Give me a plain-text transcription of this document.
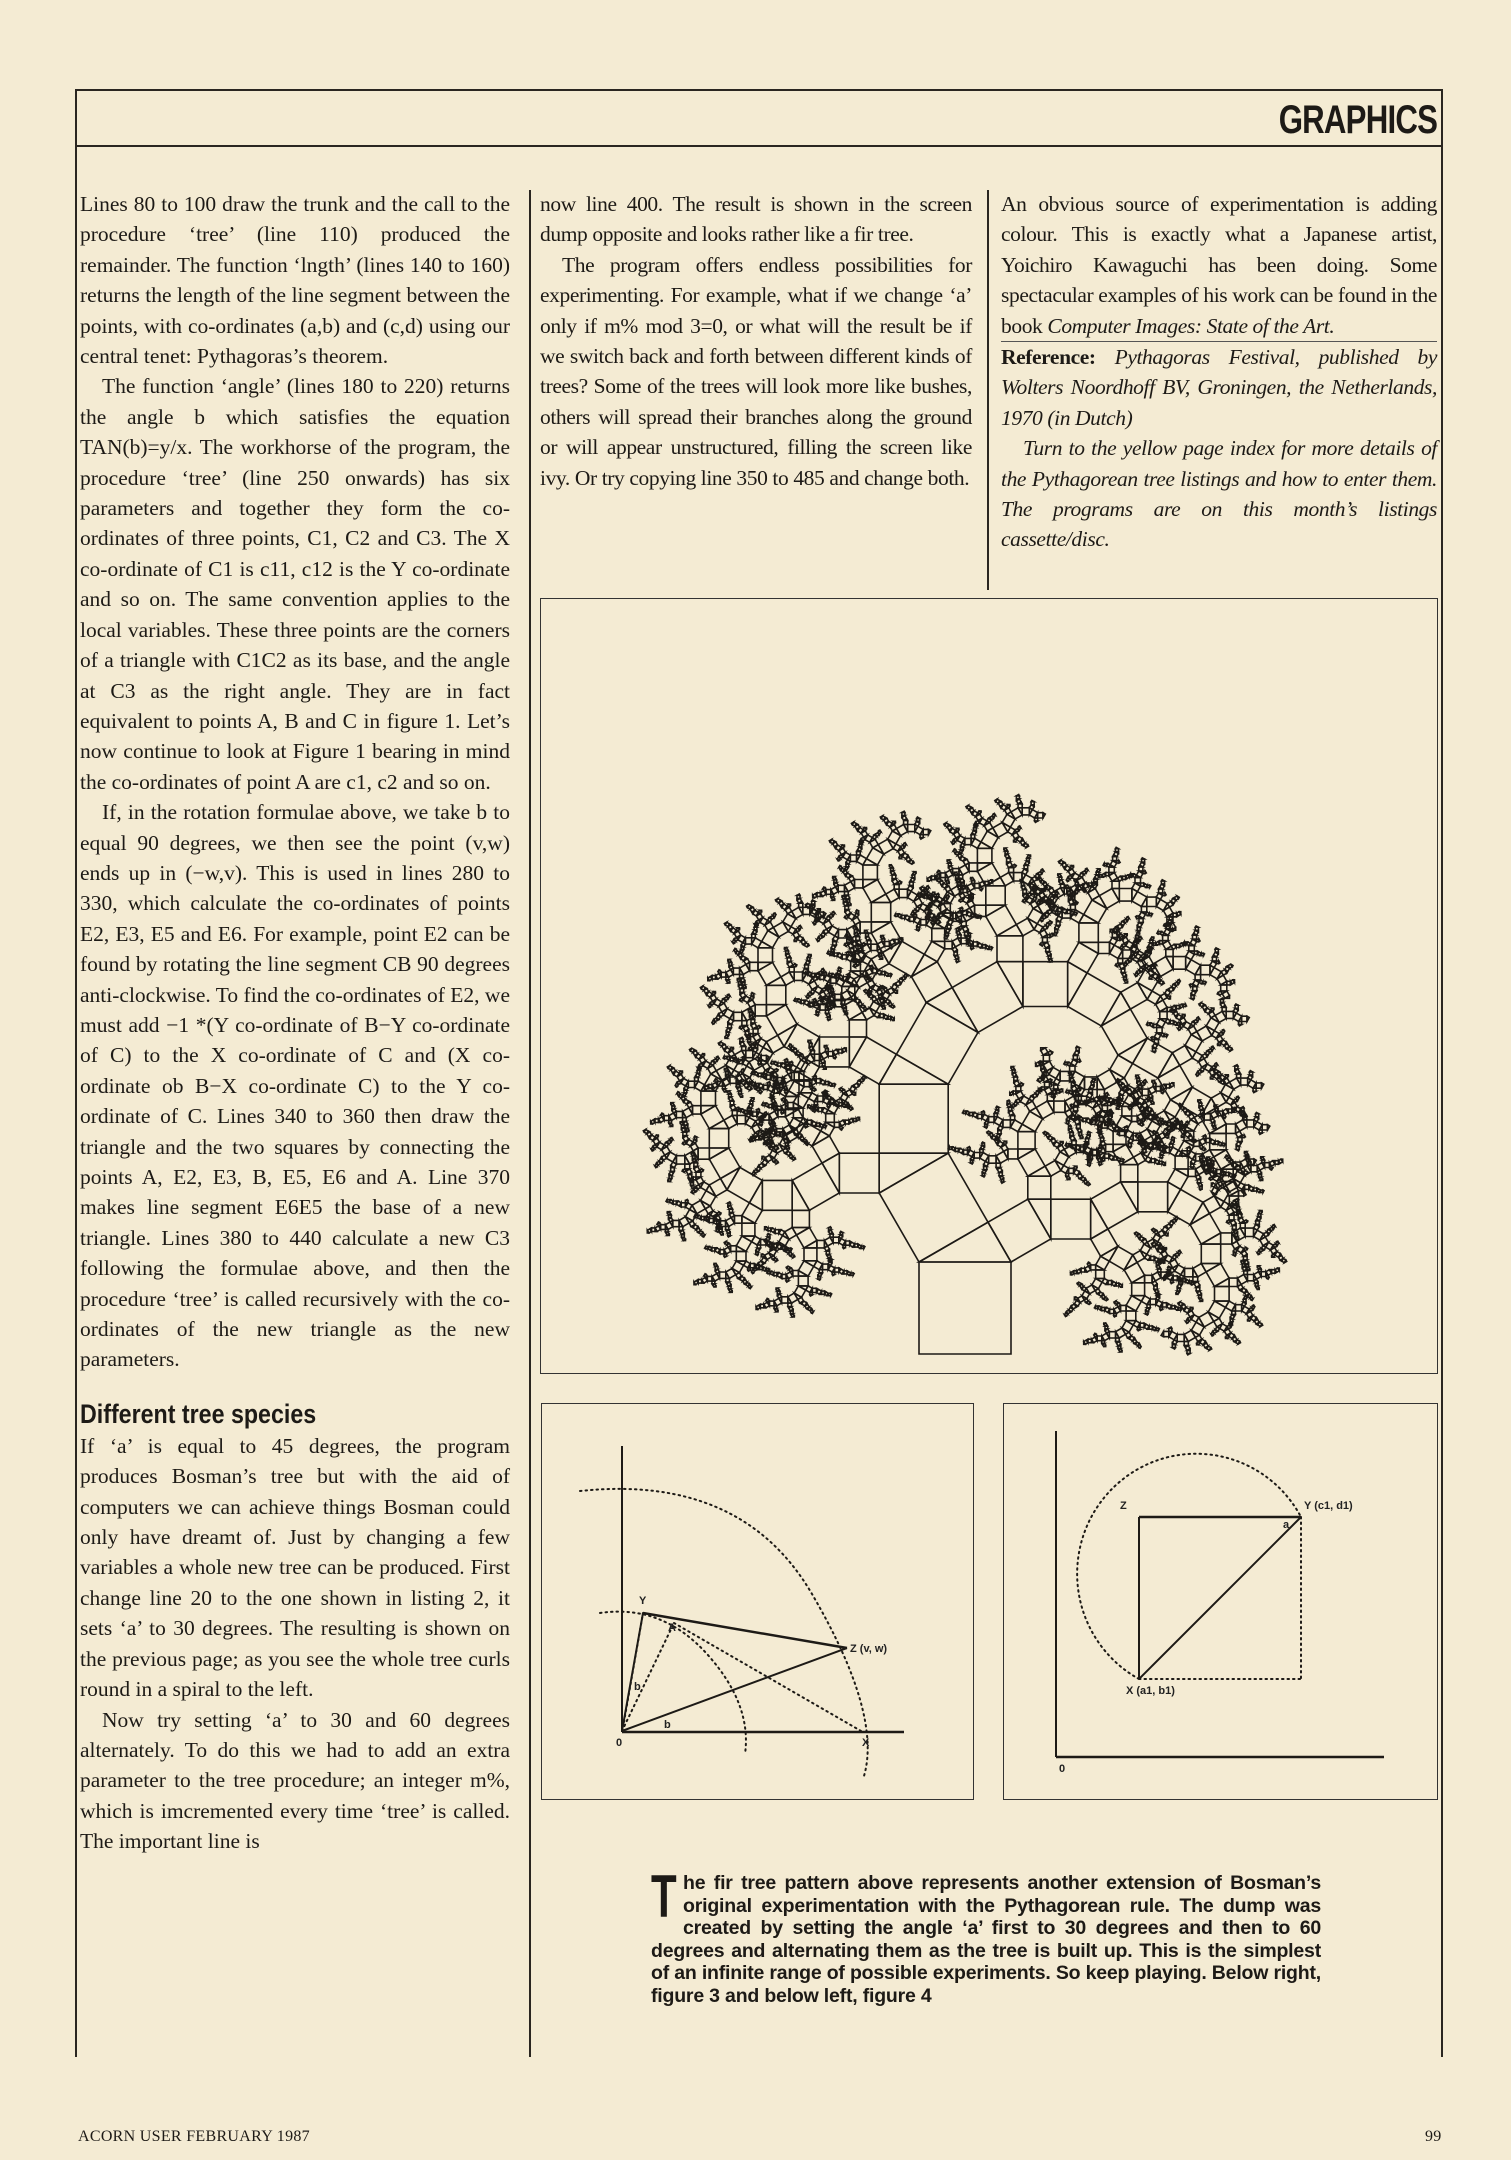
GRAPHICS

Lines 80 to 100 draw the trunk and the call to the procedure ‘tree’ (line 110) produced the remainder. The function ‘lngth’ (lines 140 to 160) returns the length of the line segment between the points, with co-ordinates (a,b) and (c,d) using our central tenet: Pythagoras’s theorem.

The function ‘angle’ (lines 180 to 220) returns the angle b which satisfies the equation TAN(b)=y/x. The workhorse of the program, the procedure ‘tree’ (line 250 onwards) has six parameters and together they form the co-ordinates of three points, C1, C2 and C3. The X co-ordinate of C1 is c11, c12 is the Y co-ordinate and so on. The same convention applies to the local variables. These three points are the corners of a triangle with C1C2 as its base, and the angle at C3 as the right angle. They are in fact equivalent to points A, B and C in figure 1. Let’s now continue to look at Figure 1 bearing in mind the co-ordinates of point A are c1, c2 and so on.

If, in the rotation formulae above, we take b to equal 90 degrees, we then see the point (v,w) ends up in (−w,v). This is used in lines 280 to 330, which calculate the co-ordinates of points E2, E3, E5 and E6. For example, point E2 can be found by rotating the line segment CB 90 degrees anti-clockwise. To find the co-ordinates of E2, we must add −1 *(Y co-ordinate of B−Y co-ordinate of C) to the X co-ordinate of C and (X co-ordinate ob B−X co-ordinate C) to the Y co-ordinate of C. Lines 340 to 360 then draw the triangle and the two squares by connecting the points A, E2, E3, B, E5, E6 and A. Line 370 makes line segment E6E5 the base of a new triangle. Lines 380 to 440 calculate a new C3 following the formulae above, and then the procedure ‘tree’ is called recursively with the co-ordinates of the new triangle as the new parameters.

Different tree species

If ‘a’ is equal to 45 degrees, the program produces Bosman’s tree but with the aid of computers we can achieve things Bosman could only have dreamt of. Just by changing a few variables a whole new tree can be produced. First change line 20 to the one shown in listing 2, it sets ‘a’ to 30 degrees. The resulting is shown on the previous page; as you see the whole tree curls round in a spiral to the left.

Now try setting ‘a’ to 30 and 60 degrees alternately. To do this we had to add an extra parameter to the tree procedure; an integer m%, which is imcremented every time ‘tree’ is called. The important line is

now line 400. The result is shown in the screen dump opposite and looks rather like a fir tree.

The program offers endless possibilities for experimenting. For example, what if we change ‘a’ only if m% mod 3=0, or what will the result be if we switch back and forth between different kinds of trees? Some of the trees will look more like bushes, others will spread their branches along the ground or will appear unstructured, filling the screen like ivy. Or try copying line 350 to 485 and change both.

An obvious source of experimentation is adding colour. This is exactly what a Japanese artist, Yoichiro Kawaguchi has been doing. Some spectacular examples of his work can be found in the book Computer Images: State of the Art.

Reference: Pythagoras Festival, published by Wolters Noordhoff BV, Groningen, the Netherlands, 1970 (in Dutch)

Turn to the yellow page index for more details of the Pythagorean tree listings and how to enter them. The programs are on this month’s listings cassette/disc.

0
Y
A
Z (v, w)
X
b
b
0
Z	Y (c1, d1)
a
X (a1, b1)
The fir tree pattern above represents another extension of Bosman’s original experimentation with the Pythagorean rule. The dump was created by setting the angle ‘a’ first to 30 degrees and then to 60 degrees and alternating them as the tree is built up. This is the simplest of an infinite range of possible experiments. So keep playing. Below right, figure 3 and below left, figure 4
ACORN USER FEBRUARY 1987	99
